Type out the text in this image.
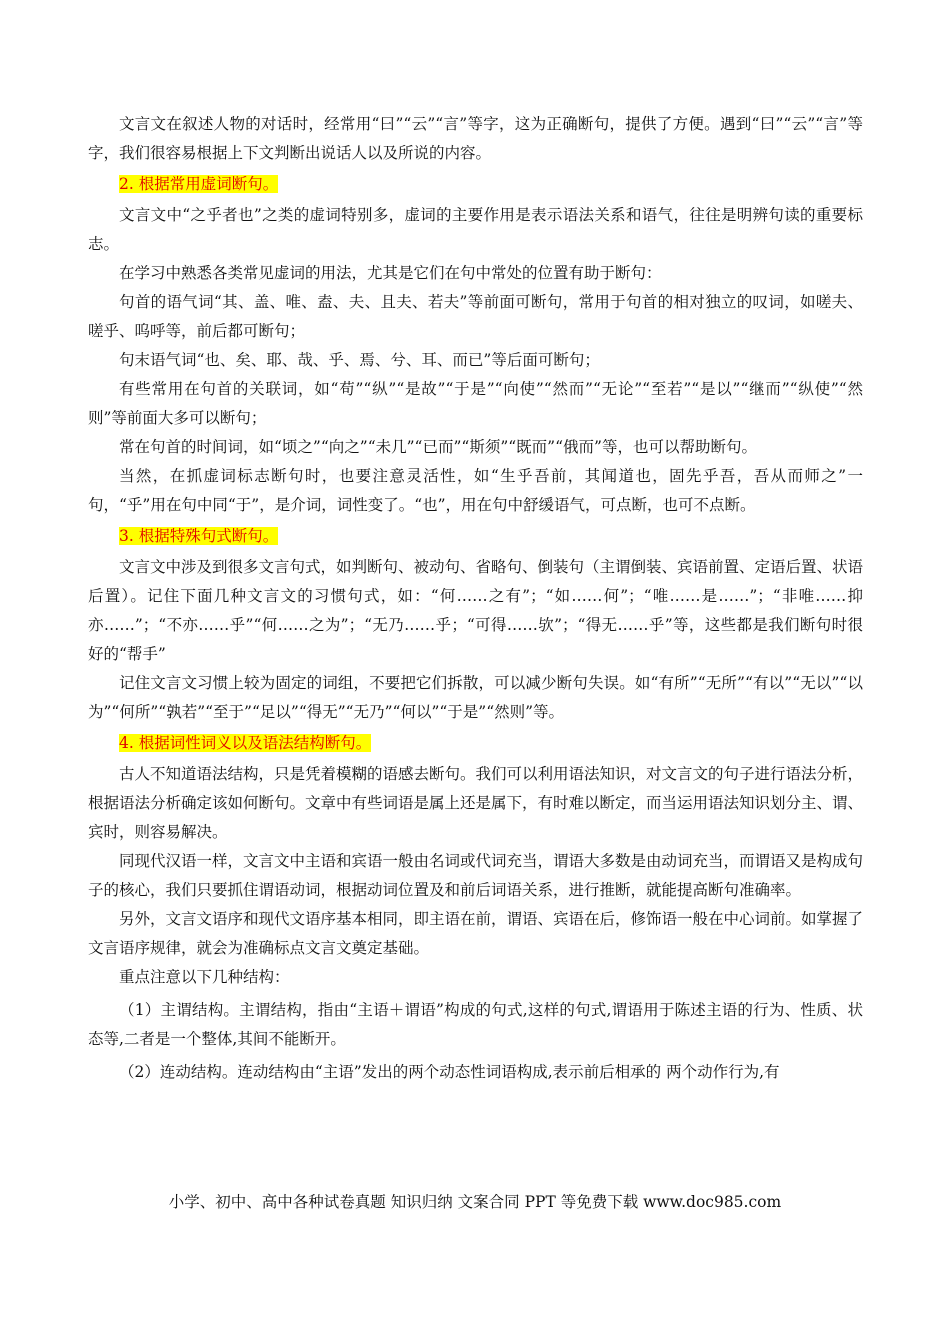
文言文在叙述人物的对话时，经常用“曰”“云”“言”等字，这为正确断句，提供了方便。遇到“曰”“云”“言”等字，我们很容易根据上下文判断出说话人以及所说的内容。

2. 根据常用虚词断句。

文言文中“之乎者也”之类的虚词特别多，虚词的主要作用是表示语法关系和语气，往往是明辨句读的重要标志。

在学习中熟悉各类常见虚词的用法，尤其是它们在句中常处的位置有助于断句：

句首的语气词“其、盖、唯、盍、夫、且夫、若夫”等前面可断句，常用于句首的相对独立的叹词，如嗟夫、嗟乎、呜呼等，前后都可断句；

句末语气词“也、矣、耶、哉、乎、焉、兮、耳、而已”等后面可断句；

有些常用在句首的关联词，如“苟”“纵”“是故”“于是”“向使”“然而”“无论”“至若”“是以”“继而”“纵使”“然则”等前面大多可以断句；

常在句首的时间词，如“顷之”“向之”“未几”“已而”“斯须”“既而”“俄而”等，也可以帮助断句。

当然，在抓虚词标志断句时，也要注意灵活性，如“生乎吾前，其闻道也，固先乎吾，吾从而师之”一句，“乎”用在句中同“于”，是介词，词性变了。“也”，用在句中舒缓语气，可点断，也可不点断。

3. 根据特殊句式断句。

文言文中涉及到很多文言句式，如判断句、被动句、省略句、倒装句（主谓倒装、宾语前置、定语后置、状语后置）。记住下面几种文言文的习惯句式，如：“何……之有”；“如……何”；“唯……是……”；“非唯……抑亦……”；“不亦……乎”“何……之为”；“无乃……乎；“可得……欤”；“得无……乎”等，这些都是我们断句时很好的“帮手”

记住文言文习惯上较为固定的词组，不要把它们拆散，可以减少断句失误。如“有所”“无所”“有以”“无以”“以为”“何所”“孰若”“至于”“足以”“得无”“无乃”“何以”“于是”“然则”等。

4. 根据词性词义以及语法结构断句。

古人不知道语法结构，只是凭着模糊的语感去断句。我们可以利用语法知识，对文言文的句子进行语法分析，根据语法分析确定该如何断句。文章中有些词语是属上还是属下，有时难以断定，而当运用语法知识划分主、谓、宾时，则容易解决。

同现代汉语一样，文言文中主语和宾语一般由名词或代词充当，谓语大多数是由动词充当，而谓语又是构成句子的核心，我们只要抓住谓语动词，根据动词位置及和前后词语关系，进行推断，就能提高断句准确率。

另外，文言文语序和现代文语序基本相同，即主语在前，谓语、宾语在后，修饰语一般在中心词前。如掌握了文言语序规律，就会为准确标点文言文奠定基础。

重点注意以下几种结构：

（1）主谓结构。主谓结构，指由“主语＋谓语”构成的句式,这样的句式,谓语用于陈述主语的行为、性质、状态等,二者是一个整体,其间不能断开。

（2）连动结构。连动结构由“主语”发出的两个动态性词语构成,表示前后相承的 两个动作行为,有

小学、初中、高中各种试卷真题 知识归纳 文案合同 PPT 等免费下载 www.doc985.com
